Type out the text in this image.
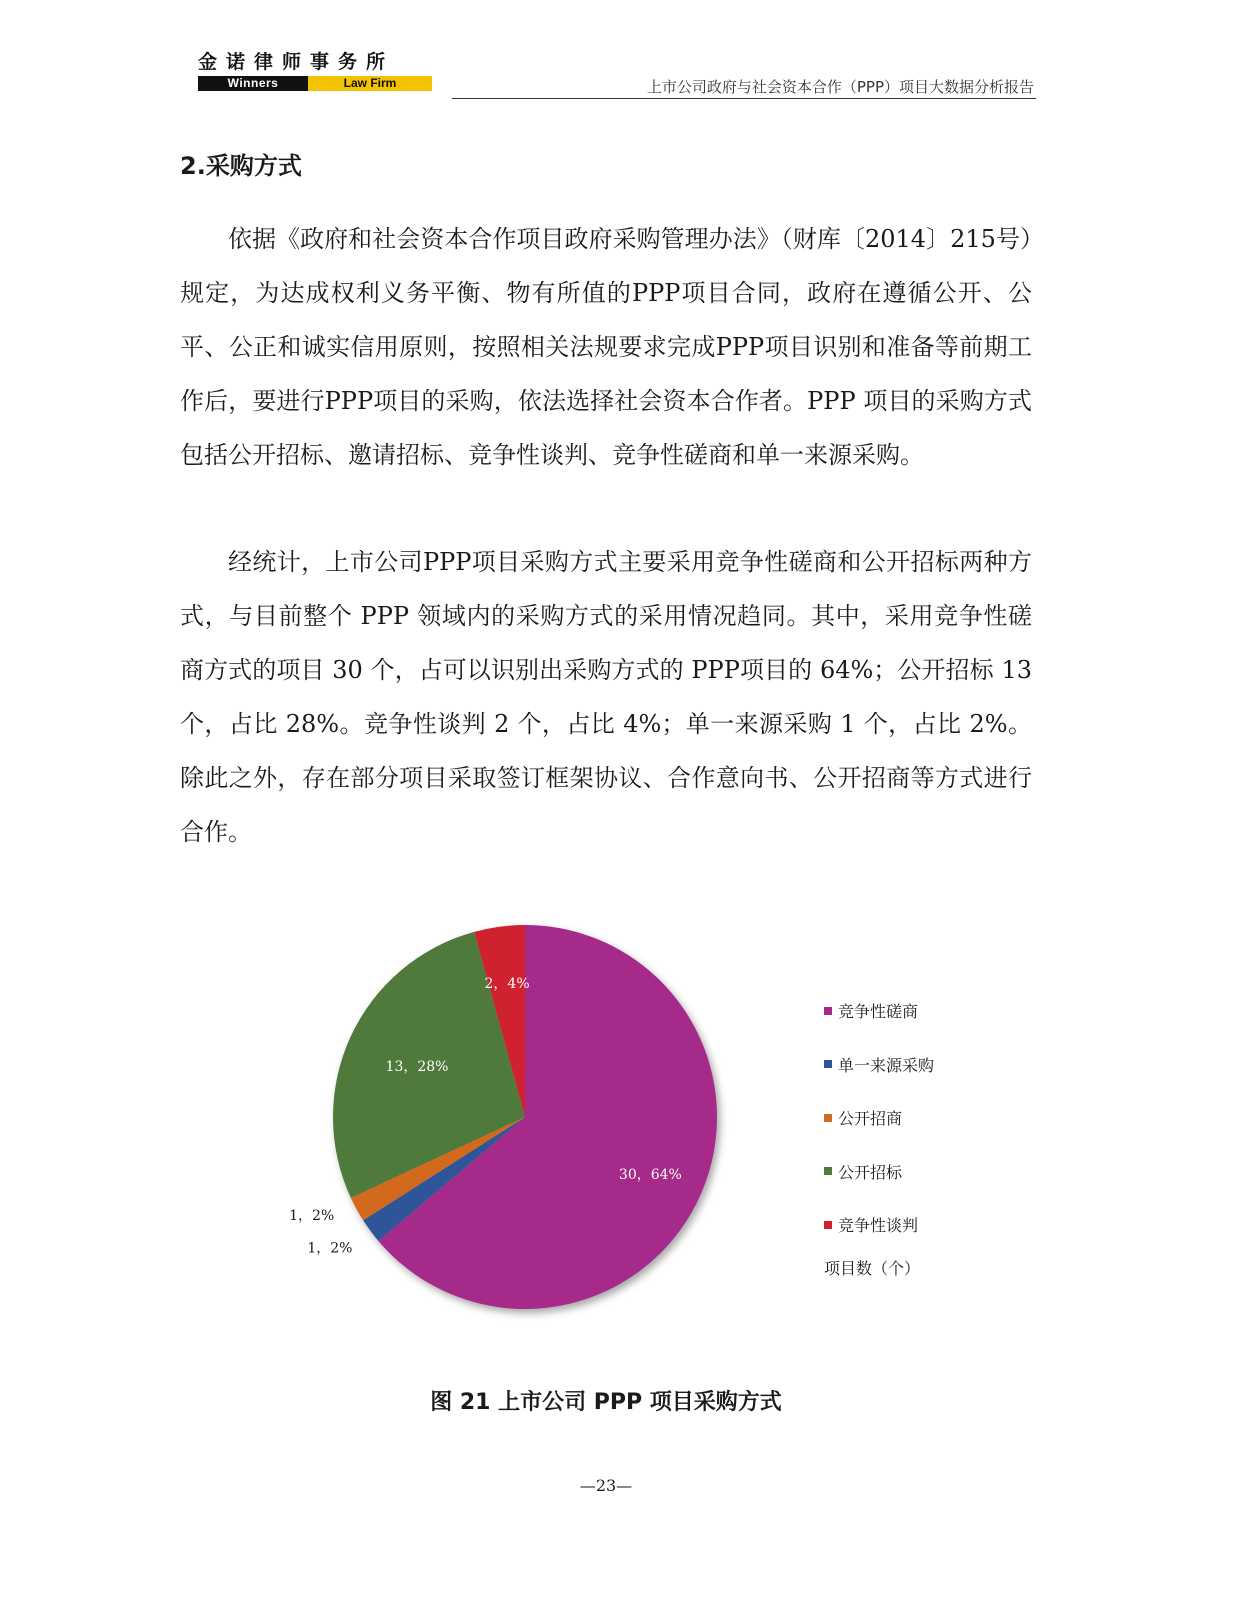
金诺律师事务所
Winners	Law Firm	上市公司政府与社会资本合作（PPP）项目大数据分析报告
2.采购方式

依据《政府和社会资本合作项目政府采购管理办法》（财库〔2014〕215号）规定，为达成权利义务平衡、物有所值的PPP项目合同，政府在遵循公开、公平、公正和诚实信用原则，按照相关法规要求完成PPP项目识别和准备等前期工作后，要进行PPP项目的采购，依法选择社会资本合作者。PPP 项目的采购方式包括公开招标、邀请招标、竞争性谈判、竞争性磋商和单一来源采购。

经统计，上市公司PPP项目采购方式主要采用竞争性磋商和公开招标两种方式，与目前整个 PPP 领域内的采购方式的采用情况趋同。其中，采用竞争性磋商方式的项目 30 个，占可以识别出采购方式的 PPP项目的 64%；公开招标 13 个，占比 28%。竞争性谈判 2 个，占比 4%；单一来源采购 1 个，占比 2%。除此之外，存在部分项目采取签订框架协议、合作意向书、公开招商等方式进行合作。

30，64%
1，2%
1，2%
13，28%
2，4%
竞争性磋商
单一来源采购
公开招商
公开招标
竞争性谈判
项目数（个）
图 21 上市公司 PPP 项目采购方式
—23—
